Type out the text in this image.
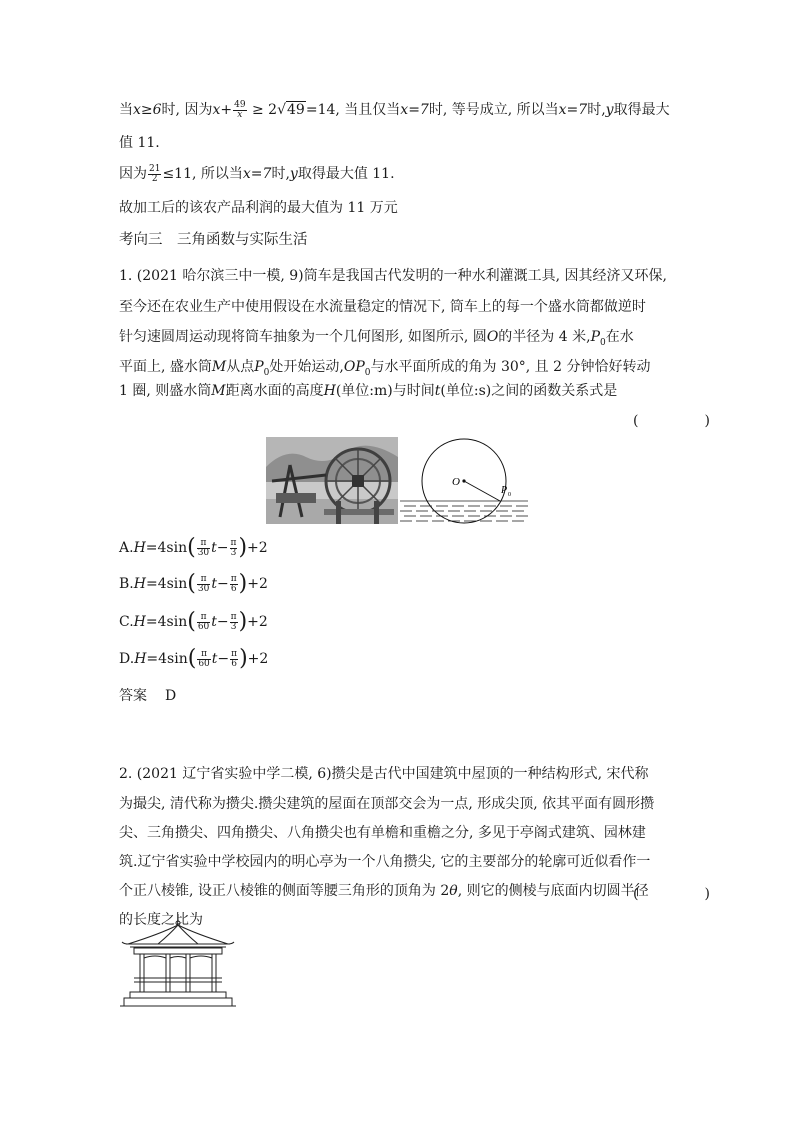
当x≥6时, 因为$x+ \frac{49}{x} \ge 2√49=14$, 当且仅当x=7时, 等号成立, 所以当x=7时,y取得最大
值 11.
因为 $\frac{21}{2} \le 11$, 所以当x=7时,y取得最大值 11.
故加工后的该农产品利润的最大值为 11 万元
考向三　三角函数与实际生活
1. (2021 哈尔滨三中一模, 9)筒车是我国古代发明的一种水利灌溉工具, 因其经济又环保,
至今还在农业生产中使用假设在水流量稳定的情况下, 筒车上的每一个盛水筒都做逆时
针匀速圆周运动现将筒车抽象为一个几何图形, 如图所示, 圆O的半径为 4 米$,P_0$在水
平面上, 盛水筒M从点$P_0$处开始运动$,OP_0$与水平面所成的角为 30°, 且 2 分钟恰好转动
1 圈, 则盛水筒M距离水面的高度H(单位:m)与时间t(单位:s)之间的函数关系式是
(　)
O
P 0
$A.H=4\sin( \frac{\pi}{30} t- \frac{\pi}{3} )+2$
$B.H=4\sin( \frac{\pi}{30} t- \frac{\pi}{6} )+2$
$C.H=4\sin( \frac{\pi}{60} t- \frac{\pi}{3} )+2$
$D.H=4\sin( \frac{\pi}{60} t- \frac{\pi}{6} )+2$
答案 D
2. (2021 辽宁省实验中学二模, 6)攒尖是古代中国建筑中屋顶的一种结构形式, 宋代称
为撮尖, 清代称为攒尖.攒尖建筑的屋面在顶部交会为一点, 形成尖顶, 依其平面有圆形攒
尖、三角攒尖、四角攒尖、八角攒尖也有单檐和重檐之分, 多见于亭阁式建筑、园林建
筑.辽宁省实验中学校园内的明心亭为一个八角攒尖, 它的主要部分的轮廓可近似看作一
个正八棱锥, 设正八棱锥的侧面等腰三角形的顶角为 2θ, 则它的侧棱与底面内切圆半径
的长度之比为
(　)
